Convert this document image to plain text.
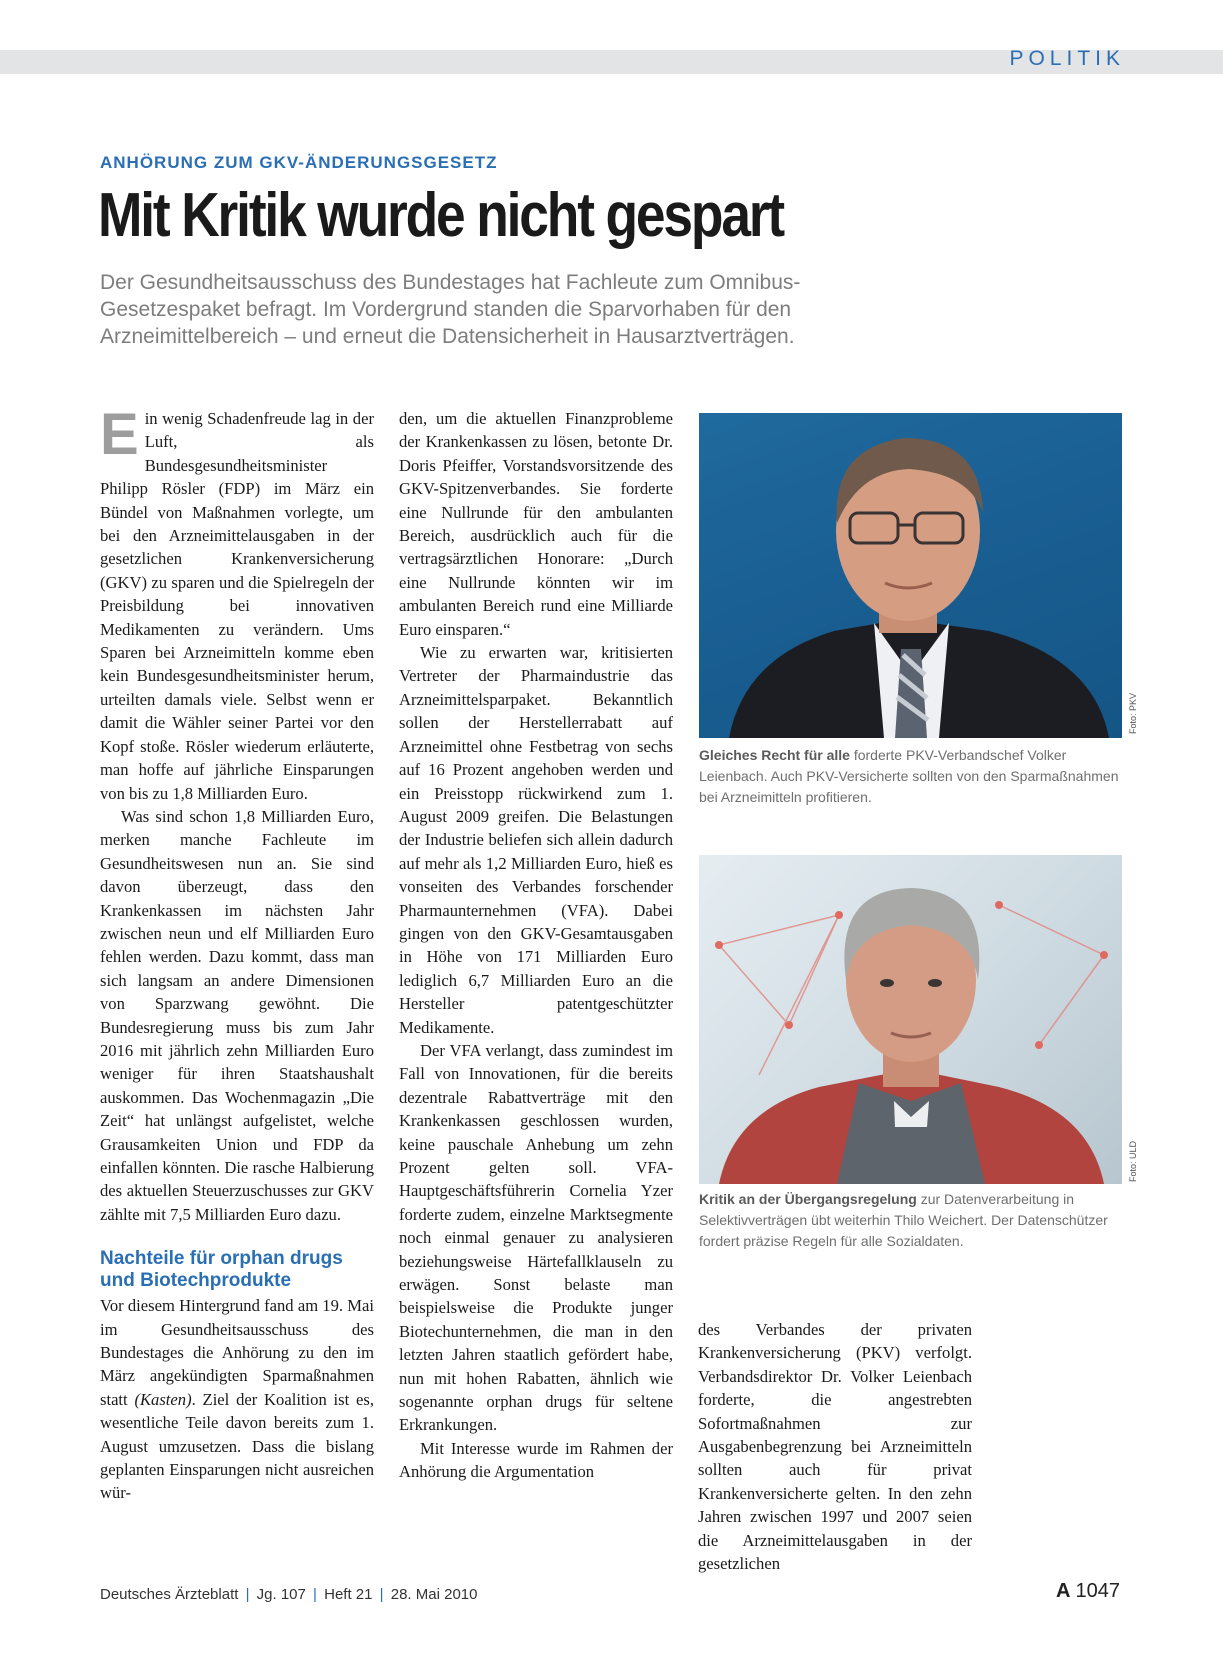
POLITIK
ANHÖRUNG ZUM GKV-ÄNDERUNGSGESETZ
Mit Kritik wurde nicht gespart
Der Gesundheitsausschuss des Bundestages hat Fachleute zum Omnibus-Gesetzespaket befragt. Im Vordergrund standen die Sparvorhaben für den Arzneimittelbereich – und erneut die Datensicherheit in Hausarztverträgen.

Ein wenig Schadenfreude lag in der Luft, als Bundesgesundheitsminister Philipp Rösler (FDP) im März ein Bündel von Maßnahmen vorlegte, um bei den Arzneimittelausgaben in der gesetzlichen Krankenversicherung (GKV) zu sparen und die Spielregeln der Preisbildung bei innovativen Medikamenten zu verändern. Ums Sparen bei Arzneimitteln komme eben kein Bundesgesundheitsminister herum, urteilten damals viele. Selbst wenn er damit die Wähler seiner Partei vor den Kopf stoße. Rösler wiederum erläuterte, man hoffe auf jährliche Einsparungen von bis zu 1,8 Milliarden Euro.

Was sind schon 1,8 Milliarden Euro, merken manche Fachleute im Gesundheitswesen nun an. Sie sind davon überzeugt, dass den Krankenkassen im nächsten Jahr zwischen neun und elf Milliarden Euro fehlen werden. Dazu kommt, dass man sich langsam an andere Dimensionen von Sparzwang gewöhnt. Die Bundesregierung muss bis zum Jahr 2016 mit jährlich zehn Milliarden Euro weniger für ihren Staatshaushalt auskommen. Das Wochenmagazin „Die Zeit“ hat unlängst aufgelistet, welche Grausamkeiten Union und FDP da einfallen könnten. Die rasche Halbierung des aktuellen Steuerzuschusses zur GKV zählte mit 7,5 Milliarden Euro dazu.

Nachteile für orphan drugs und Biotechprodukte

Vor diesem Hintergrund fand am 19. Mai im Gesundheitsausschuss des Bundestages die Anhörung zu den im März angekündigten Sparmaßnahmen statt (Kasten). Ziel der Koalition ist es, wesentliche Teile davon bereits zum 1. August umzusetzen. Dass die bislang geplanten Einsparungen nicht ausreichen wür-

den, um die aktuellen Finanzprobleme der Krankenkassen zu lösen, betonte Dr. Doris Pfeiffer, Vorstandsvorsitzende des GKV-Spitzenverbandes. Sie forderte eine Nullrunde für den ambulanten Bereich, ausdrücklich auch für die vertragsärztlichen Honorare: „Durch eine Nullrunde könnten wir im ambulanten Bereich rund eine Milliarde Euro einsparen.“

Wie zu erwarten war, kritisierten Vertreter der Pharmaindustrie das Arzneimittelsparpaket. Bekanntlich sollen der Herstellerrabatt auf Arzneimittel ohne Festbetrag von sechs auf 16 Prozent angehoben werden und ein Preisstopp rückwirkend zum 1. August 2009 greifen. Die Belastungen der Industrie beliefen sich allein dadurch auf mehr als 1,2 Milliarden Euro, hieß es vonseiten des Verbandes forschender Pharmaunternehmen (VFA). Dabei gingen von den GKV-Gesamtausgaben in Höhe von 171 Milliarden Euro lediglich 6,7 Milliarden Euro an die Hersteller patentgeschützter Medikamente.

Der VFA verlangt, dass zumindest im Fall von Innovationen, für die bereits dezentrale Rabattverträge mit den Krankenkassen geschlossen wurden, keine pauschale Anhebung um zehn Prozent gelten soll. VFA-Hauptgeschäftsführerin Cornelia Yzer forderte zudem, einzelne Marktsegmente noch einmal genauer zu analysieren beziehungsweise Härtefallklauseln zu erwägen. Sonst belaste man beispielsweise die Produkte junger Biotechunternehmen, die man in den letzten Jahren staatlich gefördert habe, nun mit hohen Rabatten, ähnlich wie sogenannte orphan drugs für seltene Erkrankungen.

Mit Interesse wurde im Rahmen der Anhörung die Argumentation

des Verbandes der privaten Krankenversicherung (PKV) verfolgt. Verbandsdirektor Dr. Volker Leienbach forderte, die angestrebten Sofortmaßnahmen zur Ausgabenbegrenzung bei Arzneimitteln sollten auch für privat Krankenversicherte gelten. In den zehn Jahren zwischen 1997 und 2007 seien die Arzneimittelausgaben in der gesetzlichen

Foto: PKV
Gleiches Recht für alle forderte PKV-Verbandschef Volker Leienbach. Auch PKV-Versicherte sollten von den Sparmaßnahmen bei Arzneimitteln profitieren.
Foto: ULD
Kritik an der Übergangsregelung zur Datenverarbeitung in Selektivverträgen übt weiterhin Thilo Weichert. Der Datenschützer fordert präzise Regeln für alle Sozialdaten.
Deutsches Ärzteblatt | Jg. 107 | Heft 21 | 28. Mai 2010	A 1047
